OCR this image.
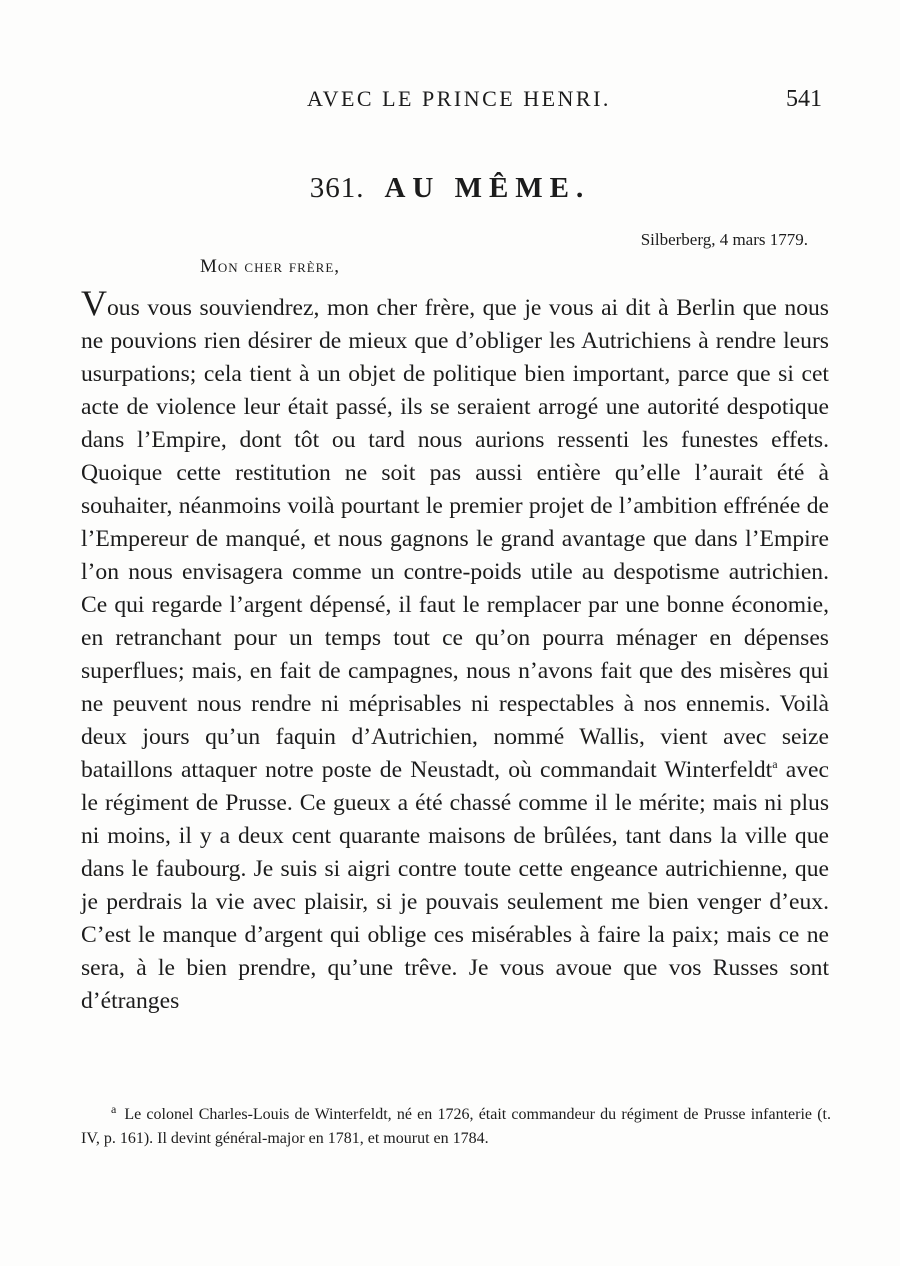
AVEC LE PRINCE HENRI.	541
361. AU MÊME.
Silberberg, 4 mars 1779.
Mon cher frère,

Vous vous souviendrez, mon cher frère, que je vous ai dit à Berlin que nous ne pouvions rien désirer de mieux que d’obliger les Autrichiens à rendre leurs usurpations; cela tient à un objet de politique bien important, parce que si cet acte de violence leur était passé, ils se seraient arrogé une autorité despotique dans l’Empire, dont tôt ou tard nous aurions ressenti les funestes effets. Quoique cette restitution ne soit pas aussi entière qu’elle l’aurait été à souhaiter, néanmoins voilà pourtant le premier projet de l’ambition effrénée de l’Empereur de manqué, et nous gagnons le grand avantage que dans l’Empire l’on nous envisagera comme un contre-poids utile au despotisme autrichien. Ce qui regarde l’argent dépensé, il faut le remplacer par une bonne économie, en retranchant pour un temps tout ce qu’on pourra ménager en dépenses superflues; mais, en fait de campagnes, nous n’avons fait que des misères qui ne peuvent nous rendre ni méprisables ni respectables à nos ennemis. Voilà deux jours qu’un faquin d’Autrichien, nommé Wallis, vient avec seize bataillons attaquer notre poste de Neustadt, où commandait Winterfeldt$^a$ avec le régiment de Prusse. Ce gueux a été chassé comme il le mérite; mais ni plus ni moins, il y a deux cent quarante maisons de brûlées, tant dans la ville que dans le faubourg. Je suis si aigri contre toute cette engeance autrichienne, que je perdrais la vie avec plaisir, si je pouvais seulement me bien venger d’eux. C’est le manque d’argent qui oblige ces misérables à faire la paix; mais ce ne sera, à le bien prendre, qu’une trêve. Je vous avoue que vos Russes sont d’étranges

$^a$ Le colonel Charles-Louis de Winterfeldt, né en 1726, était commandeur du régiment de Prusse infanterie (t. IV, p. 161). Il devint général-major en 1781, et mourut en 1784.
